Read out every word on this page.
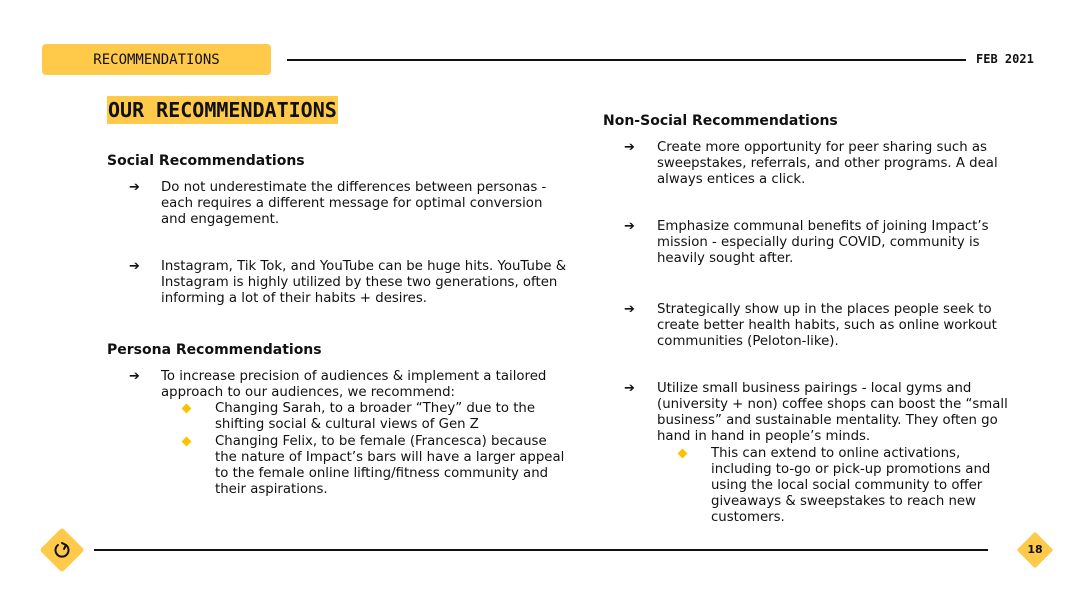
RECOMMENDATIONS	FEB 2021
OUR RECOMMENDATIONS
Social Recommendations
➔ Do not underestimate the differences between personas - each requires a different message for optimal conversion and engagement.
➔ Instagram, Tik Tok, and YouTube can be huge hits. YouTube & Instagram is highly utilized by these two generations, often informing a lot of their habits + desires.
Persona Recommendations
➔ To increase precision of audiences & implement a tailored approach to our audiences, we recommend:
Changing Sarah, to a broader “They” due to the shifting social & cultural views of Gen Z
Changing Felix, to be female (Francesca) because the nature of Impact’s bars will have a larger appeal to the female online lifting/fitness community and their aspirations.
Non-Social Recommendations
➔ Create more opportunity for peer sharing such as sweepstakes, referrals, and other programs. A deal always entices a click.
➔ Emphasize communal benefits of joining Impact’s mission - especially during COVID, community is heavily sought after.
➔ Strategically show up in the places people seek to create better health habits, such as online workout communities (Peloton-like).
➔ Utilize small business pairings - local gyms and (university + non) coffee shops can boost the “small business” and sustainable mentality. They often go hand in hand in people’s minds.
This can extend to online activations, including to-go or pick-up promotions and using the local social community to offer giveaways & sweepstakes to reach new customers.
18
